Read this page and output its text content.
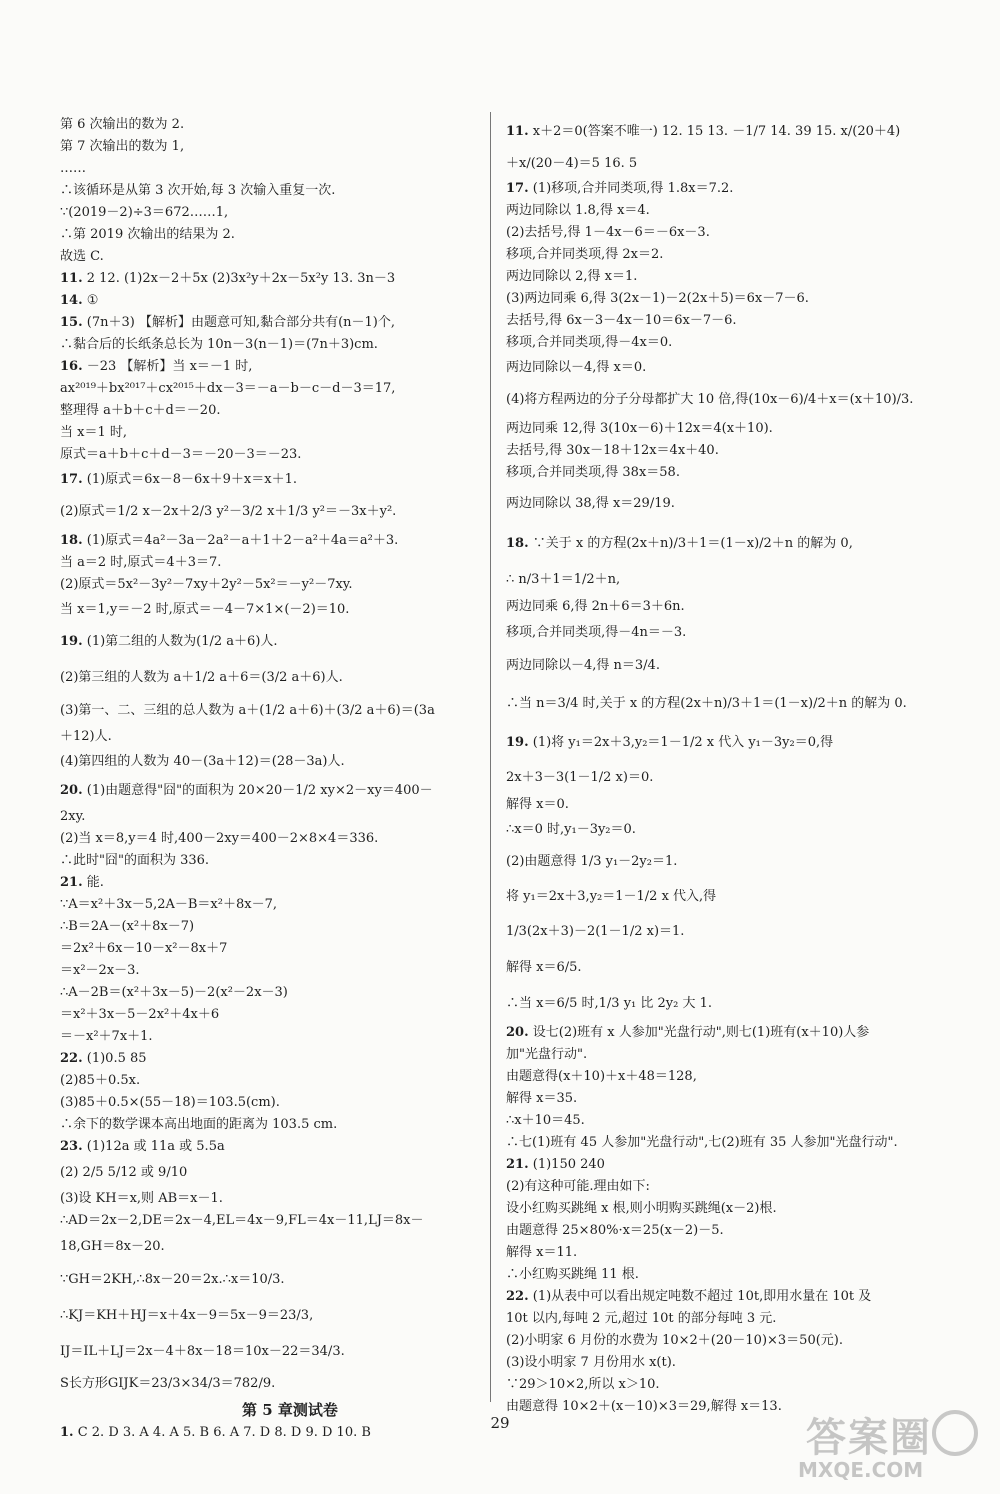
第 6 次输出的数为 2.
第 7 次输出的数为 1,
……
∴该循环是从第 3 次开始,每 3 次输入重复一次.
∵(2019－2)÷3＝672……1,
∴第 2019 次输出的结果为 2.
故选 C.
11. 2 12. (1)2x－2＋5x (2)3x²y＋2x－5x²y 13. 3n－3
14. ①
15. (7n＋3) 【解析】由题意可知,黏合部分共有(n－1)个,
∴黏合后的长纸条总长为 10n－3(n－1)＝(7n＋3)cm.
16. －23 【解析】当 x＝－1 时,
ax²⁰¹⁹＋bx²⁰¹⁷＋cx²⁰¹⁵＋dx－3＝－a－b－c－d－3＝17,
整理得 a＋b＋c＋d＝－20.
当 x＝1 时,
原式＝a＋b＋c＋d－3＝－20－3＝－23.
17. (1)原式＝6x－8－6x＋9＋x＝x＋1.
(2)原式＝1/2 x－2x＋2/3 y²－3/2 x＋1/3 y²＝－3x＋y².
18. (1)原式＝4a²－3a－2a²－a＋1＋2－a²＋4a＝a²＋3.
当 a＝2 时,原式＝4＋3＝7.
(2)原式＝5x²－3y²－7xy＋2y²－5x²＝－y²－7xy.
当 x＝1,y＝－2 时,原式＝－4－7×1×(－2)＝10.
19. (1)第二组的人数为(1/2 a＋6)人.
(2)第三组的人数为 a＋1/2 a＋6＝(3/2 a＋6)人.
(3)第一、二、三组的总人数为 a＋(1/2 a＋6)＋(3/2 a＋6)＝(3a
＋12)人.
(4)第四组的人数为 40－(3a＋12)＝(28－3a)人.
20. (1)由题意得"囧"的面积为 20×20－1/2 xy×2－xy＝400－
2xy.
(2)当 x＝8,y＝4 时,400－2xy＝400－2×8×4＝336.
∴此时"囧"的面积为 336.
21. 能.
∵A＝x²＋3x－5,2A－B＝x²＋8x－7,
∴B＝2A－(x²＋8x－7)
＝2x²＋6x－10－x²－8x＋7
＝x²－2x－3.
∴A－2B＝(x²＋3x－5)－2(x²－2x－3)
＝x²＋3x－5－2x²＋4x＋6
＝－x²＋7x＋1.
22. (1)0.5 85
(2)85＋0.5x.
(3)85＋0.5×(55－18)＝103.5(cm).
∴余下的数学课本高出地面的距离为 103.5 cm.
23. (1)12a 或 11a 或 5.5a
(2) 2/5 5/12 或 9/10
(3)设 KH＝x,则 AB＝x－1.
∴AD＝2x－2,DE＝2x－4,EL＝4x－9,FL＝4x－11,LJ＝8x－
18,GH＝8x－20.
∵GH＝2KH,∴8x－20＝2x.∴x＝10/3.
∴KJ＝KH＋HJ＝x＋4x－9＝5x－9＝23/3,
IJ＝IL＋LJ＝2x－4＋8x－18＝10x－22＝34/3.
S长方形GIJK＝23/3×34/3＝782/9.
第 5 章测试卷
1. C 2. D 3. A 4. A 5. B 6. A 7. D 8. D 9. D 10. B
11. x＋2＝0(答案不唯一) 12. 15 13. －1/7 14. 39 15. x/(20＋4)
＋x/(20－4)＝5 16. 5
17. (1)移项,合并同类项,得 1.8x＝7.2.
两边同除以 1.8,得 x＝4.
(2)去括号,得 1－4x－6＝－6x－3.
移项,合并同类项,得 2x＝2.
两边同除以 2,得 x＝1.
(3)两边同乘 6,得 3(2x－1)－2(2x＋5)＝6x－7－6.
去括号,得 6x－3－4x－10＝6x－7－6.
移项,合并同类项,得－4x＝0.
两边同除以－4,得 x＝0.
(4)将方程两边的分子分母都扩大 10 倍,得(10x－6)/4＋x＝(x＋10)/3.
两边同乘 12,得 3(10x－6)＋12x＝4(x＋10).
去括号,得 30x－18＋12x＝4x＋40.
移项,合并同类项,得 38x＝58.
两边同除以 38,得 x＝29/19.
18. ∵关于 x 的方程(2x＋n)/3＋1＝(1－x)/2＋n 的解为 0,
∴ n/3＋1＝1/2＋n,
两边同乘 6,得 2n＋6＝3＋6n.
移项,合并同类项,得－4n＝－3.
两边同除以－4,得 n＝3/4.
∴当 n＝3/4 时,关于 x 的方程(2x＋n)/3＋1＝(1－x)/2＋n 的解为 0.
19. (1)将 y₁＝2x＋3,y₂＝1－1/2 x 代入 y₁－3y₂＝0,得
2x＋3－3(1－1/2 x)＝0.
解得 x＝0.
∴x＝0 时,y₁－3y₂＝0.
(2)由题意得 1/3 y₁－2y₂＝1.
将 y₁＝2x＋3,y₂＝1－1/2 x 代入,得
1/3(2x＋3)－2(1－1/2 x)＝1.
解得 x＝6/5.
∴当 x＝6/5 时,1/3 y₁ 比 2y₂ 大 1.
20. 设七(2)班有 x 人参加"光盘行动",则七(1)班有(x＋10)人参
加"光盘行动".
由题意得(x＋10)＋x＋48＝128,
解得 x＝35.
∴x＋10＝45.
∴七(1)班有 45 人参加"光盘行动",七(2)班有 35 人参加"光盘行动".
21. (1)150 240
(2)有这种可能.理由如下:
设小红购买跳绳 x 根,则小明购买跳绳(x－2)根.
由题意得 25×80%·x＝25(x－2)－5.
解得 x＝11.
∴小红购买跳绳 11 根.
22. (1)从表中可以看出规定吨数不超过 10t,即用水量在 10t 及
10t 以内,每吨 2 元,超过 10t 的部分每吨 3 元.
(2)小明家 6 月份的水费为 10×2＋(20－10)×3＝50(元).
(3)设小明家 7 月份用水 x(t).
∵29＞10×2,所以 x＞10.
由题意得 10×2＋(x－10)×3＝29,解得 x＝13.
29	答案圈
MXQE.COM
